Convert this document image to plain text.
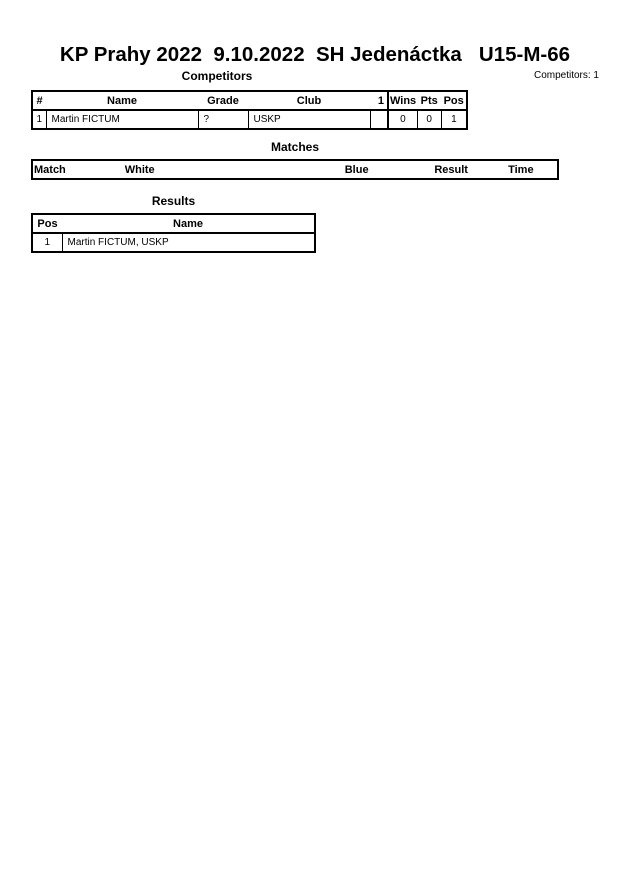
KP Prahy 2022  9.10.2022  SH Jedenáctka   U15-M-66
Competitors: 1
Competitors
#	Name	Grade	Club	1	Wins	Pts	Pos
1	Martin FICTUM	?	USKP		0	0	1
Matches
Match	White	Blue	Result	Time
Results
Pos	Name
1	Martin FICTUM, USKP
